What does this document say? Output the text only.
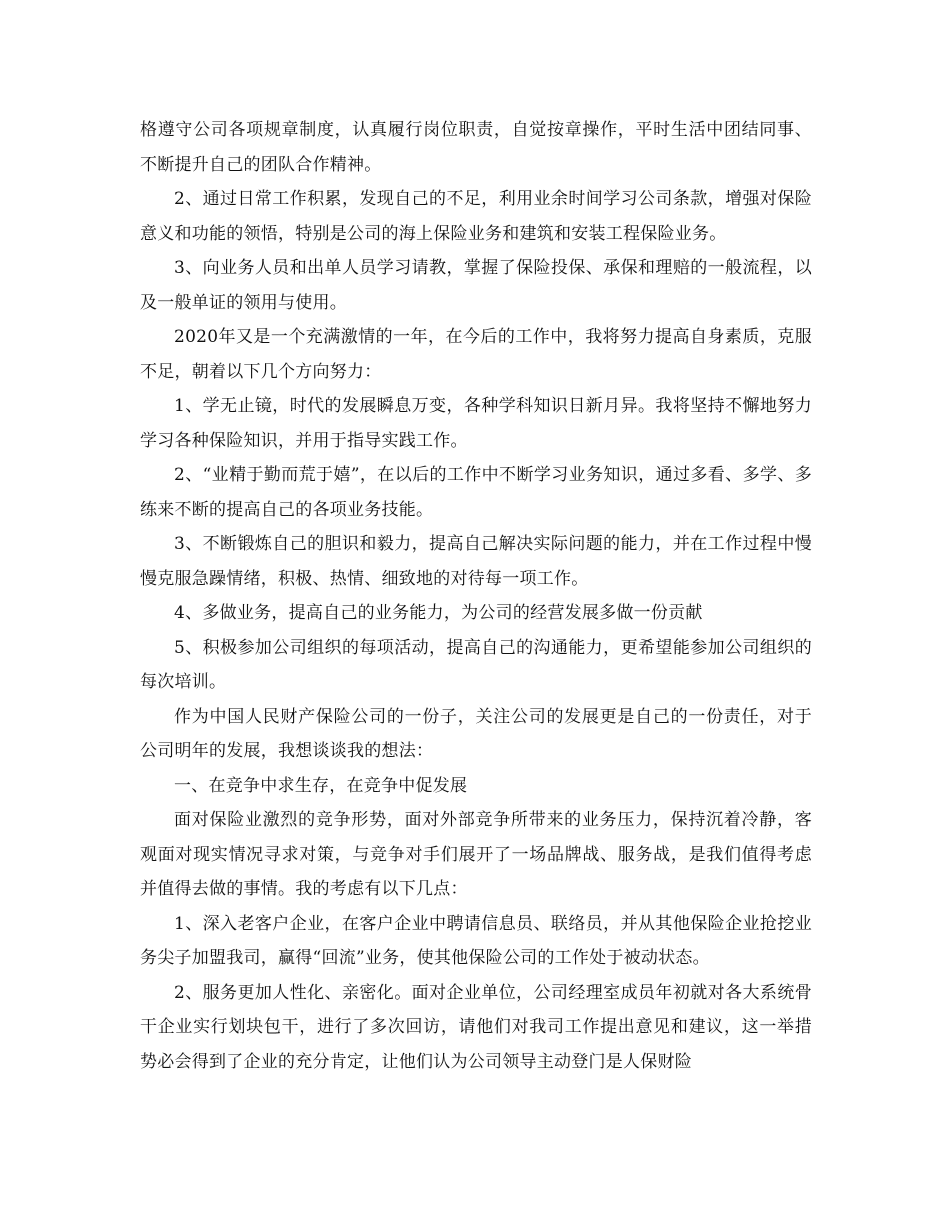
格遵守公司各项规章制度，认真履行岗位职责，自觉按章操作，平时生活中团结同事、不断提升自己的团队合作精神。

2、通过日常工作积累，发现自己的不足，利用业余时间学习公司条款，增强对保险意义和功能的领悟，特别是公司的海上保险业务和建筑和安装工程保险业务。

3、向业务人员和出单人员学习请教，掌握了保险投保、承保和理赔的一般流程，以及一般单证的领用与使用。

2020年又是一个充满激情的一年，在今后的工作中，我将努力提高自身素质，克服不足，朝着以下几个方向努力：

1、学无止镜，时代的发展瞬息万变，各种学科知识日新月异。我将坚持不懈地努力学习各种保险知识，并用于指导实践工作。

2、“业精于勤而荒于嬉”，在以后的工作中不断学习业务知识，通过多看、多学、多练来不断的提高自己的各项业务技能。

3、不断锻炼自己的胆识和毅力，提高自己解决实际问题的能力，并在工作过程中慢慢克服急躁情绪，积极、热情、细致地的对待每一项工作。

4、多做业务，提高自己的业务能力，为公司的经营发展多做一份贡献

5、积极参加公司组织的每项活动，提高自己的沟通能力，更希望能参加公司组织的每次培训。

作为中国人民财产保险公司的一份子，关注公司的发展更是自己的一份责任，对于公司明年的发展，我想谈谈我的想法：

一、在竞争中求生存，在竞争中促发展

面对保险业激烈的竞争形势，面对外部竞争所带来的业务压力，保持沉着冷静，客观面对现实情况寻求对策，与竞争对手们展开了一场品牌战、服务战，是我们值得考虑并值得去做的事情。我的考虑有以下几点：

1、深入老客户企业，在客户企业中聘请信息员、联络员，并从其他保险企业抢挖业务尖子加盟我司，赢得“回流”业务，使其他保险公司的工作处于被动状态。

2、服务更加人性化、亲密化。面对企业单位，公司经理室成员年初就对各大系统骨干企业实行划块包干，进行了多次回访，请他们对我司工作提出意见和建议，这一举措势必会得到了企业的充分肯定，让他们认为公司领导主动登门是人保财险
